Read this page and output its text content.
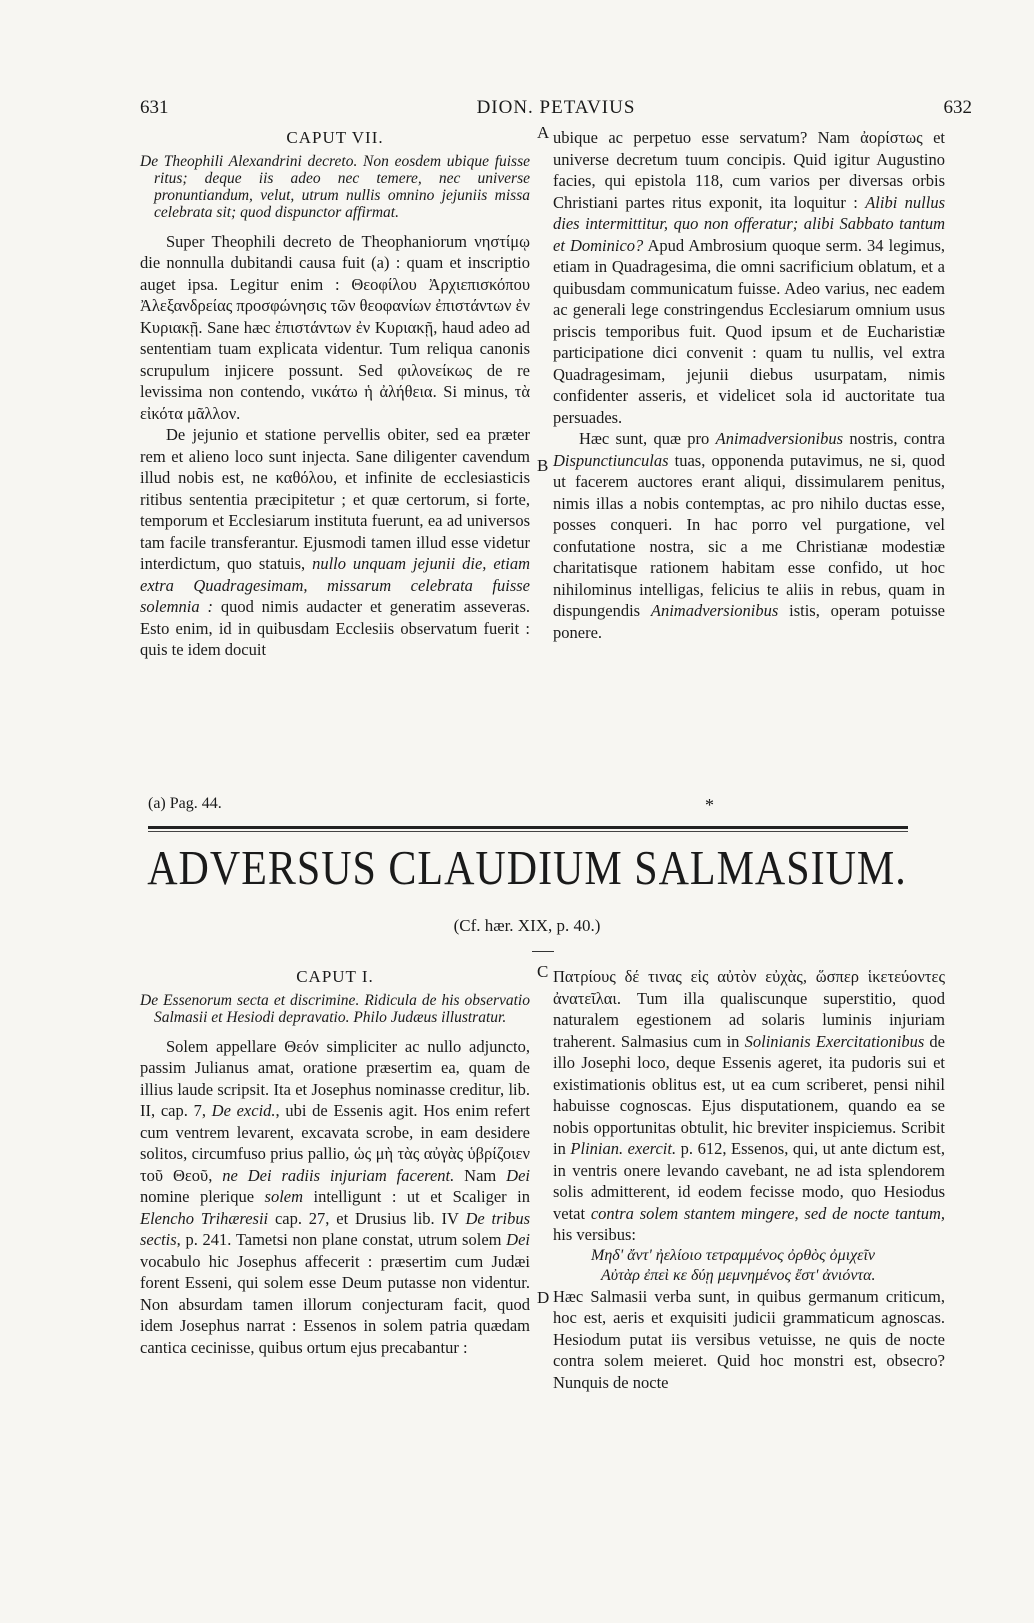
631	DION. PETAVIUS	632
CAPUT VII.
De Theophili Alexandrini decreto. Non eosdem ubique fuisse ritus; deque iis adeo nec temere, nec universe pronuntiandum, velut, utrum nullis omnino jejuniis missa celebrata sit; quod dispunctor affirmat.

Super Theophili decreto de Theophaniorum νηστίμῳ die nonnulla dubitandi causa fuit (a) : quam et inscriptio auget ipsa. Legitur enim : Θεοφίλου Ἀρχιεπισκόπου Ἀλεξανδρείας προσφώνησις τῶν θεοφανίων ἐπιστάντων ἐν Κυριακῇ. Sane hæc ἐπιστάντων ἐν Κυριακῇ, haud adeo ad sententiam tuam explicata videntur. Tum reliqua canonis scrupulum injicere possunt. Sed φιλονείκως de re levissima non contendo, νικάτω ἡ ἀλήθεια. Si minus, τὰ εἰκότα μᾶλλον.

De jejunio et statione pervellis obiter, sed ea præter rem et alieno loco sunt injecta. Sane diligenter cavendum illud nobis est, ne καθόλου, et infinite de ecclesiasticis ritibus sententia præcipitetur ; et quæ certorum, si forte, temporum et Ecclesiarum instituta fuerunt, ea ad universos tam facile transferantur. Ejusmodi tamen illud esse videtur interdictum, quo statuis, nullo unquam jejunii die, etiam extra Quadragesimam, missarum celebrata fuisse solemnia : quod nimis audacter et generatim asseveras. Esto enim, id in quibusdam Ecclesiis observatum fuerit : quis te idem docuit

ubique ac perpetuo esse servatum? Nam ἀορίστως et universe decretum tuum concipis. Quid igitur Augustino facies, qui epistola 118, cum varios per diversas orbis Christiani partes ritus exponit, ita loquitur : Alibi nullus dies intermittitur, quo non offeratur; alibi Sabbato tantum et Dominico? Apud Ambrosium quoque serm. 34 legimus, etiam in Quadragesima, die omni sacrificium oblatum, et a quibusdam communicatum fuisse. Adeo varius, nec eadem ac generali lege constringendus Ecclesiarum omnium usus priscis temporibus fuit. Quod ipsum et de Eucharistiæ participatione dici convenit : quam tu nullis, vel extra Quadragesimam, jejunii diebus usurpatam, nimis confidenter asseris, et videlicet sola id auctoritate tua persuades.

Hæc sunt, quæ pro Animadversionibus nostris, contra Dispunctiunculas tuas, opponenda putavimus, ne si, quod ut facerem auctores erant aliqui, dissimularem penitus, nimis illas a nobis contemptas, ac pro nihilo ductas esse, posses conqueri. In hac porro vel purgatione, vel confutatione nostra, sic a me Christianæ modestiæ charitatisque rationem habitam esse confido, ut hoc nihilominus intelligas, felicius te aliis in rebus, quam in dispungendis Animadversionibus istis, operam potuisse ponere.

A
B
(a) Pag. 44.	*
ADVERSUS CLAUDIUM SALMASIUM.
(Cf. hær. XIX, p. 40.)
CAPUT I.
De Essenorum secta et discrimine. Ridicula de his observatio Salmasii et Hesiodi depravatio. Philo Judæus illustratur.

Solem appellare Θεόν simpliciter ac nullo adjuncto, passim Julianus amat, oratione præsertim ea, quam de illius laude scripsit. Ita et Josephus nominasse creditur, lib. II, cap. 7, De excid., ubi de Essenis agit. Hos enim refert cum ventrem levarent, excavata scrobe, in eam desidere solitos, circumfuso prius pallio, ὡς μὴ τὰς αὐγὰς ὑβρίζοιεν τοῦ Θεοῦ, ne Dei radiis injuriam facerent. Nam Dei nomine plerique solem intelligunt : ut et Scaliger in Elencho Trihæresii cap. 27, et Drusius lib. IV De tribus sectis, p. 241. Tametsi non plane constat, utrum solem Dei vocabulo hic Josephus affecerit : præsertim cum Judæi forent Esseni, qui solem esse Deum putasse non videntur. Non absurdam tamen illorum conjecturam facit, quod idem Josephus narrat : Essenos in solem patria quædam cantica cecinisse, quibus ortum ejus precabantur :

Πατρίους δέ τινας εἰς αὐτὸν εὐχὰς, ὥσπερ ἱκετεύοντες ἀνατεῖλαι. Tum illa qualiscunque superstitio, quod naturalem egestionem ad solaris luminis injuriam traherent. Salmasius cum in Solinianis Exercitationibus de illo Josephi loco, deque Essenis ageret, ita pudoris sui et existimationis oblitus est, ut ea cum scriberet, pensi nihil habuisse cognoscas. Ejus disputationem, quando ea se nobis opportunitas obtulit, hic breviter inspiciemus. Scribit in Plinian. exercit. p. 612, Essenos, qui, ut ante dictum est, in ventris onere levando cavebant, ne ad ista splendorem solis admitterent, id eodem fecisse modo, quo Hesiodus vetat contra solem stantem mingere, sed de nocte tantum, his versibus:

Μηδ' ἄντ' ἠελίοιο τετραμμένος ὀρθὸς ὀμιχεῖν
Αὐτὰρ ἐπεὶ κε δύῃ μεμνημένος ἔστ' ἀνιόντα.

Hæc Salmasii verba sunt, in quibus germanum criticum, hoc est, aeris et exquisiti judicii grammaticum agnoscas. Hesiodum putat iis versibus vetuisse, ne quis de nocte contra solem meieret. Quid hoc monstri est, obsecro? Nunquis de nocte

C
D
